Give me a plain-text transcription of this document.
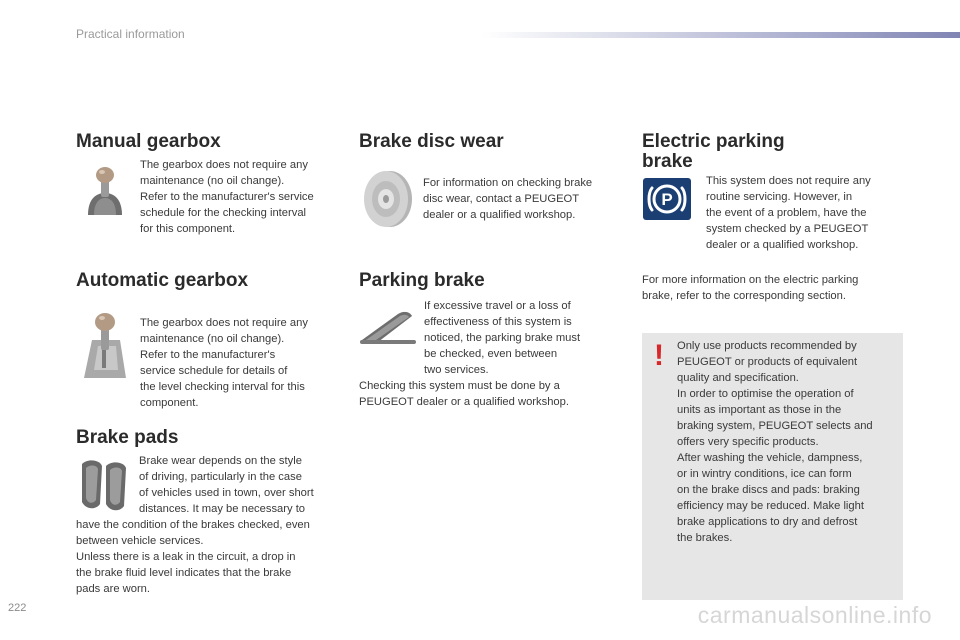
Practical information
Manual gearbox
The gearbox does not require any
maintenance (no oil change).
Refer to the manufacturer's service
schedule for the checking interval
for this component.
Automatic gearbox
The gearbox does not require any
maintenance (no oil change).
Refer to the manufacturer's
service schedule for details of
the level checking interval for this
component.
Brake pads
Brake wear depends on the style
of driving, particularly in the case
of vehicles used in town, over short
distances. It may be necessary to
have the condition of the brakes checked, even
between vehicle services.
Unless there is a leak in the circuit, a drop in
the brake fluid level indicates that the brake
pads are worn.
Brake disc wear
For information on checking brake
disc wear, contact a PEUGEOT
dealer or a qualified workshop.
Parking brake
If excessive travel or a loss of
effectiveness of this system is
noticed, the parking brake must
be checked, even between
two services.
Checking this system must be done by a
PEUGEOT dealer or a qualified workshop.
Electric parking
brake
P
This system does not require any
routine servicing. However, in
the event of a problem, have the
system checked by a PEUGEOT
dealer or a qualified workshop.
For more information on the electric parking
brake, refer to the corresponding section.
! Only use products recommended by
PEUGEOT or products of equivalent
quality and specification.
In order to optimise the operation of
units as important as those in the
braking system, PEUGEOT selects and
offers very specific products.
After washing the vehicle, dampness,
or in wintry conditions, ice can form
on the brake discs and pads: braking
efficiency may be reduced. Make light
brake applications to dry and defrost
the brakes.
222	carmanualsonline.info
